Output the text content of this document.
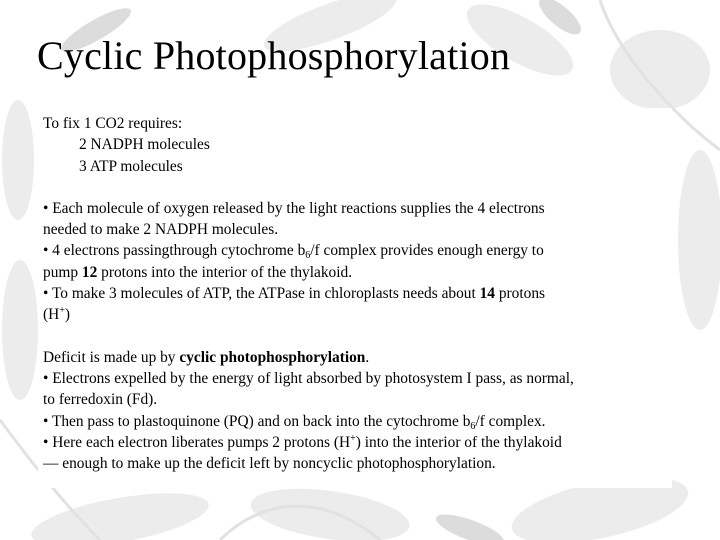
Cyclic Photophosphorylation
To fix 1 CO2 requires:
2 NADPH molecules
3 ATP molecules
• Each molecule of oxygen released by the light reactions supplies the 4 electrons
needed to make 2 NADPH molecules.
• 4 electrons passingthrough cytochrome $b_6/f$ complex provides enough energy to
pump 12 protons into the interior of the thylakoid.
• To make 3 molecules of ATP, the ATPase in chloroplasts needs about 14 protons
(H+)
Deficit is made up by cyclic photophosphorylation.
• Electrons expelled by the energy of light absorbed by photosystem I pass, as normal,
to ferredoxin (Fd).
• Then pass to plastoquinone (PQ) and on back into the cytochrome $b_6/f$ complex.
• Here each electron liberates pumps 2 protons (H+) into the interior of the thylakoid
— enough to make up the deficit left by noncyclic photophosphorylation.
